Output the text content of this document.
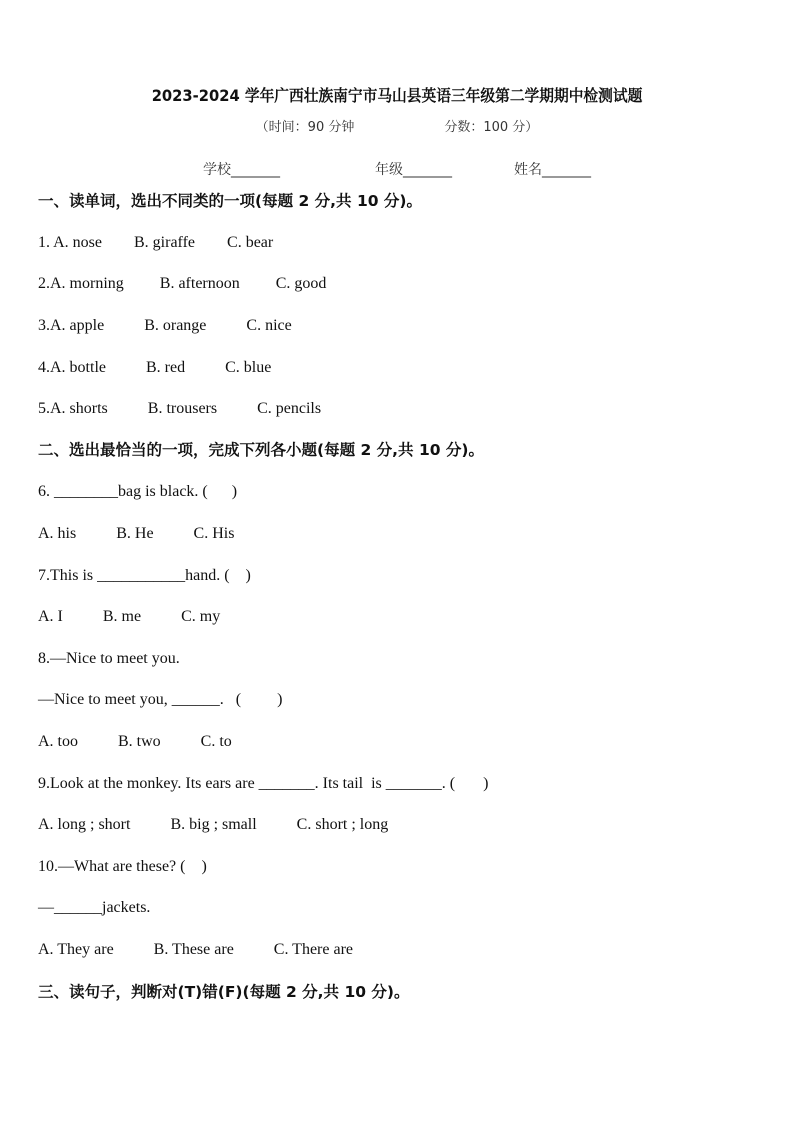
2023-2024 学年广西壮族南宁市马山县英语三年级第二学期期中检测试题
（时间：90 分钟	分数：100 分）
学校_______	年级_______	姓名_______
一、读单词，选出不同类的一项(每题 2 分,共 10 分)。
1. A. nose        B. giraffe        C. bear
2.A. morning         B. afternoon         C. good
3.A. apple          B. orange          C. nice
4.A. bottle          B. red          C. blue
5.A. shorts          B. trousers          C. pencils
二、选出最恰当的一项，完成下列各小题(每题 2 分,共 10 分)。
6. ________bag is black. (      )
A. his          B. He          C. His
7.This is ___________hand. (    )
A. I          B. me          C. my
8.—Nice to meet you.
—Nice to meet you, ______.   (         )
A. too          B. two          C. to
9.Look at the monkey. Its ears are _______. Its tail  is _______. (       )
A. long ; short          B. big ; small          C. short ; long
10.—What are these? (    )
—______jackets.
A. They are          B. These are          C. There are
三、读句子，判断对(T)错(F)(每题 2 分,共 10 分)。
